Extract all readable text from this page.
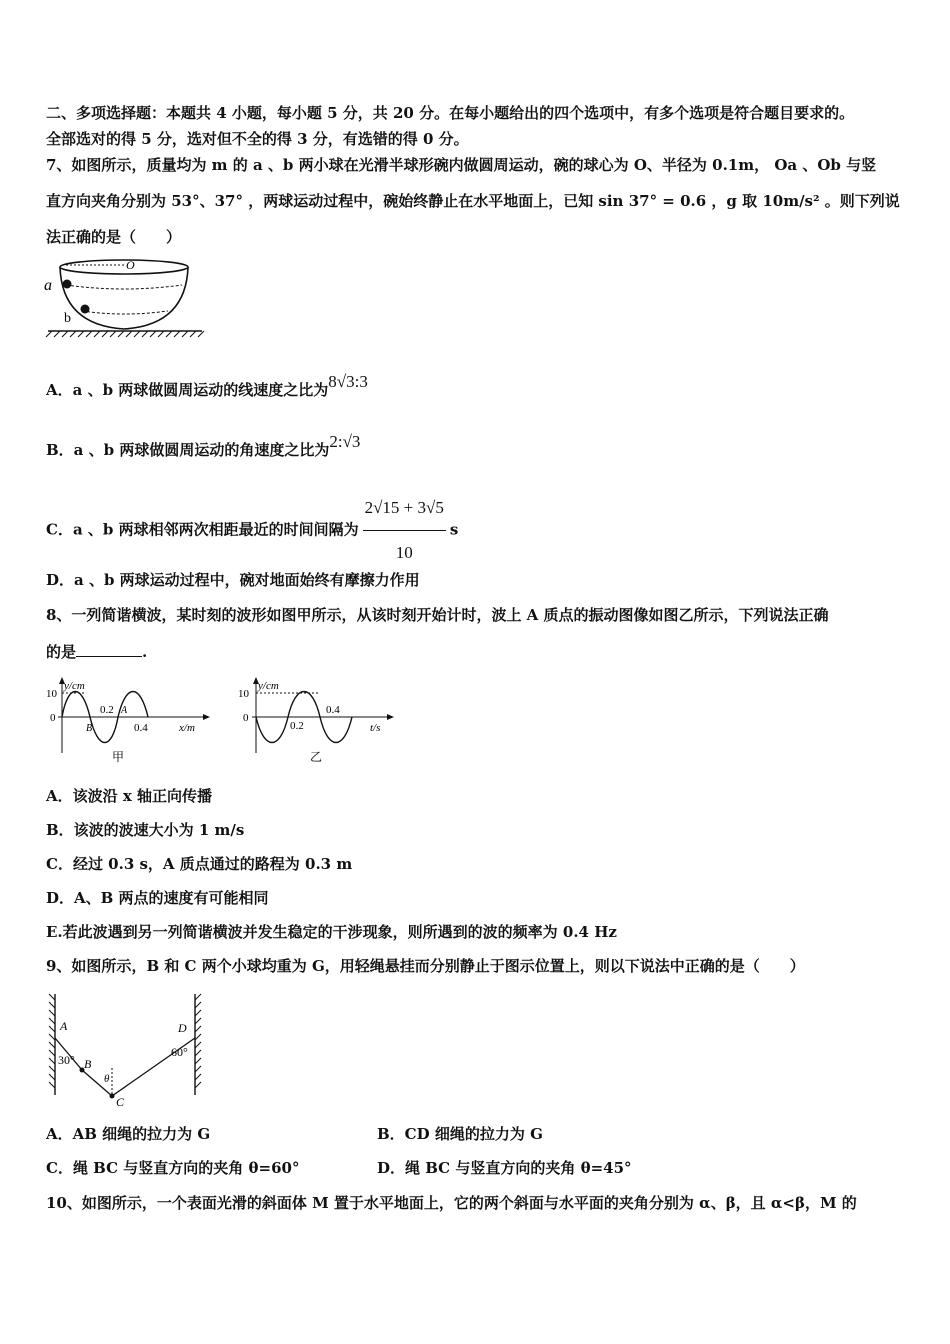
二、多项选择题：本题共 4 小题，每小题 5 分，共 20 分。在每小题给出的四个选项中，有多个选项是符合题目要求的。
全部选对的得 5 分，选对但不全的得 3 分，有选错的得 0 分。
7、如图所示，质量均为 m 的 a 、b 两小球在光滑半球形碗内做圆周运动，碗的球心为 O、半径为 0.1m， Oa 、Ob 与竖
直方向夹角分别为 53°、37° ，两球运动过程中，碗始终静止在水平地面上，已知 sin 37° = 0.6 ，g 取 10m/s² 。则下列说
法正确的是（　　）
O
a
b
A．a 、b 两球做圆周运动的线速度之比为8√3:3
B．a 、b 两球做圆周运动的角速度之比为2:√3
C．a 、b 两球相邻两次相距最近的时间间隔为 $\frac{2√15 + 3√5}{10}$ s
D．a 、b 两球运动过程中，碗对地面始终有摩擦力作用
8、一列简谐横波，某时刻的波形如图甲所示，从该时刻开始计时，波上 A 质点的振动图像如图乙所示，下列说法正确
的是	.
y/cm
10
0
0.2 A
B	0.4	x/m
甲
y/cm
10
0
0.2
0.4
t/s
乙
A．该波沿 x 轴正向传播
B．该波的波速大小为 1 m/s
C．经过 0.3 s，A 质点通过的路程为 0.3 m
D．A、B 两点的速度有可能相同
E.若此波遇到另一列简谐横波并发生稳定的干涉现象，则所遇到的波的频率为 0.4 Hz
9、如图所示，B 和 C 两个小球均重为 G，用轻绳悬挂而分别静止于图示位置上，则以下说法中正确的是（　　）
A	D
B
C
30°
60°
θ
A．AB 细绳的拉力为 G	B．CD 细绳的拉力为 G
C．绳 BC 与竖直方向的夹角 θ=60°	D．绳 BC 与竖直方向的夹角 θ=45°
10、如图所示，一个表面光滑的斜面体 M 置于水平地面上，它的两个斜面与水平面的夹角分别为 α、β，且 α<β，M 的
